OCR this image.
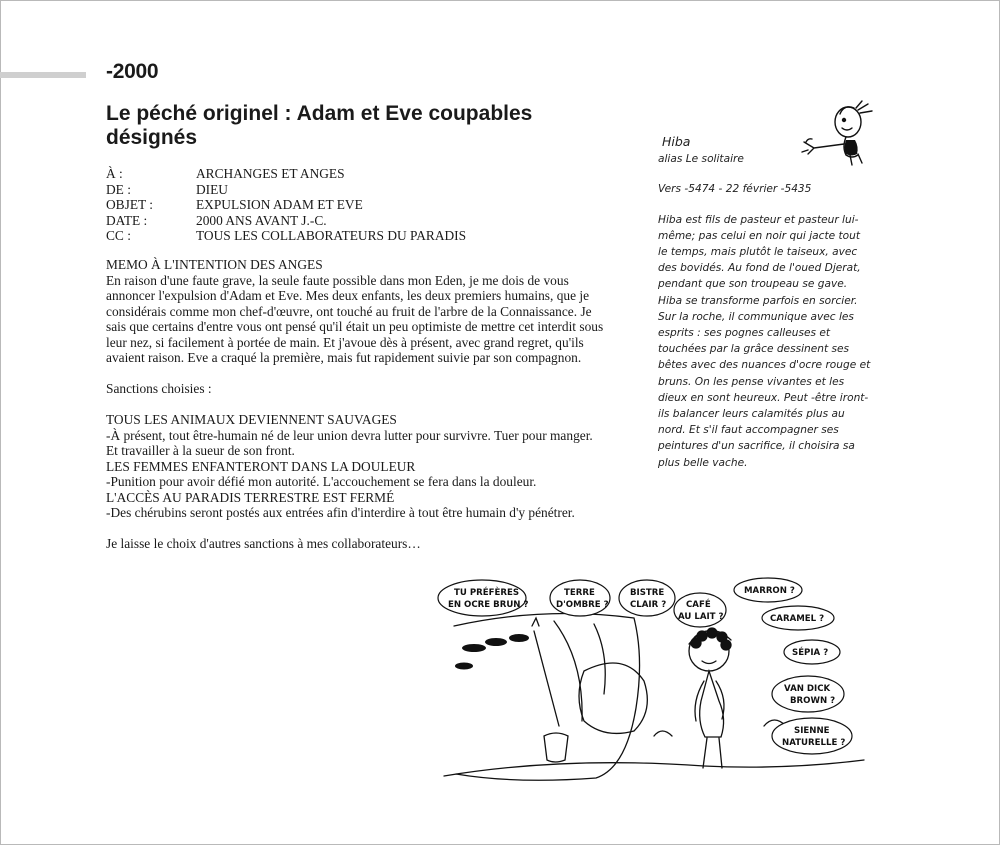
-2000
Le péché originel : Adam et Eve coupables désignés
À :	ARCHANGES ET ANGES
DE :	DIEU
OBJET :	EXPULSION ADAM ET EVE
DATE :	2000 ANS AVANT J.-C.
CC :	TOUS LES COLLABORATEURS DU PARADIS

MEMO À L'INTENTION DES ANGES

En raison d'une faute grave, la seule faute possible dans mon Eden, je me dois de vous annoncer l'expulsion d'Adam et Eve. Mes deux enfants, les deux premiers humains, que je considérais comme mon chef-d'œuvre, ont touché au fruit de l'arbre de la Connaissance. Je sais que certains d'entre vous ont pensé qu'il était un peu optimiste de mettre cet interdit sous leur nez, si facilement à portée de main. Et j'avoue dès à présent, avec grand regret, qu'ils avaient raison. Eve a craqué la première, mais fut rapidement suivie par son compagnon.

Sanctions choisies :

TOUS LES ANIMAUX DEVIENNENT SAUVAGES

-À présent, tout être-humain né de leur union devra lutter pour survivre. Tuer pour manger. Et travailler à la sueur de son front.

LES FEMMES ENFANTERONT DANS LA DOULEUR

-Punition pour avoir défié mon autorité. L'accouchement se fera dans la douleur.

L'ACCÈS AU PARADIS TERRESTRE EST FERMÉ

-Des chérubins seront postés aux entrées afin d'interdire à tout être humain d'y pénétrer.

Je laisse le choix d'autres sanctions à mes collaborateurs…

Hiba
alias Le solitaire
Vers -5474 - 22 février -5435
Hiba est fils de pasteur et pasteur lui-même; pas celui en noir qui jacte tout le temps, mais plutôt le taiseux, avec des bovidés. Au fond de l'oued Djerat, pendant que son troupeau se gave. Hiba se transforme parfois en sorcier. Sur la roche, il communique avec les esprits : ses pognes calleuses et touchées par la grâce dessinent ses bêtes avec des nuances d'ocre rouge et bruns. On les pense vivantes et les dieux en sont heureux. Peut -être iront-ils balancer leurs calamités plus au nord. Et s'il faut accompagner ses peintures d'un sacrifice, il choisira sa plus belle vache.
TU PRÉFÈRES
EN OCRE BRUN ?
TERRE
D'OMBRE ?
BISTRE
CLAIR ? CAFÉ
AU LAIT ?
MARRON ?
CARAMEL ?
SÉPIA ?
VAN DICK
BROWN ?
SIENNE
NATURELLE ?
